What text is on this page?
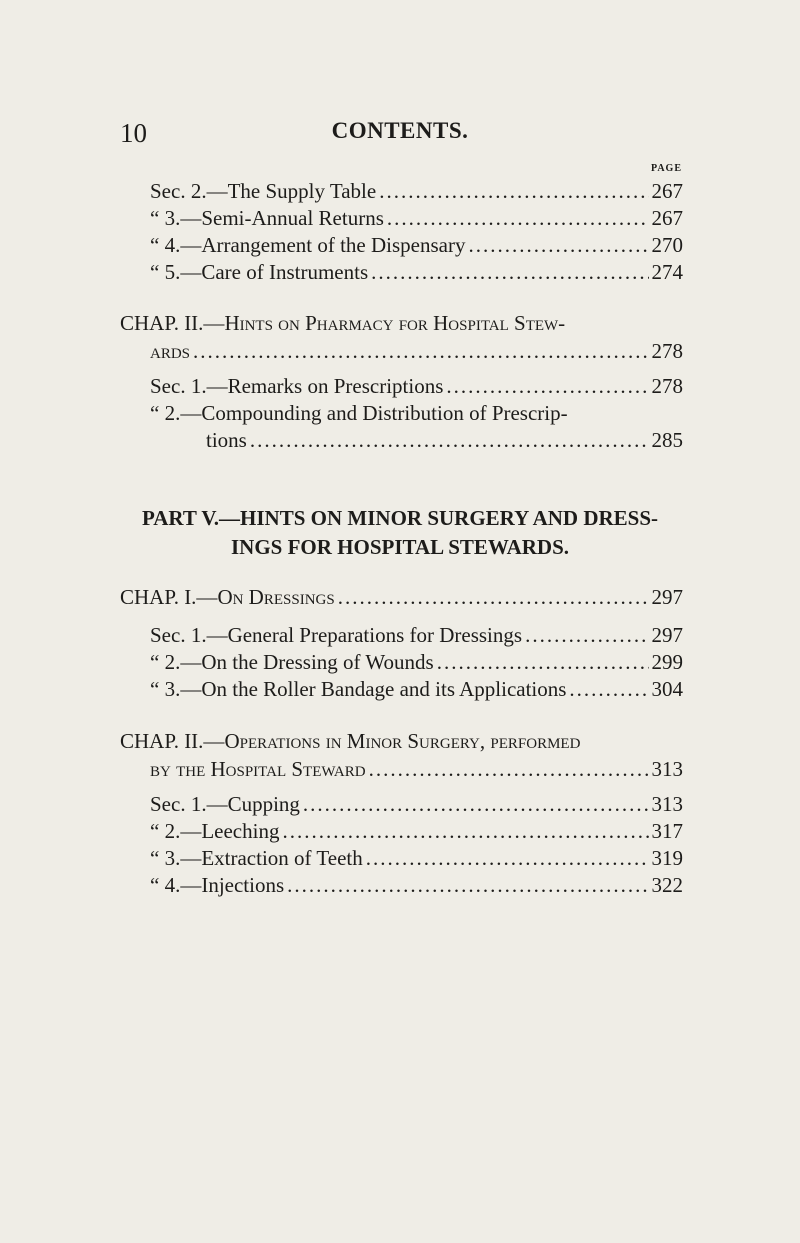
10	CONTENTS.
PAGE
Sec. 2.—The Supply Table .....	267
“ 3.—Semi-Annual Returns .....	267
“ 4.—Arrangement of the Dispensary .....	270
“ 5.—Care of Instruments .....	274
CHAP. II.— Hints on Pharmacy for Hospital Stew-
ards .....	278
Sec. 1.—Remarks on Prescriptions .....	278
“ 2.—Compounding and Distribution of Prescrip-
tions .....	285
PART V.—HINTS ON MINOR SURGERY AND DRESS-
INGS FOR HOSPITAL STEWARDS.
CHAP. I.— On Dressings .....	297
Sec. 1.—General Preparations for Dressings .....	297
“ 2.—On the Dressing of Wounds .....	299
“ 3.—On the Roller Bandage and its Applications .....	304
CHAP. II.— Operations in Minor Surgery, performed
by the Hospital Steward .....	313
Sec. 1.—Cupping .....	313
“ 2.—Leeching .....	317
“ 3.—Extraction of Teeth .....	319
“ 4.—Injections .....	322
